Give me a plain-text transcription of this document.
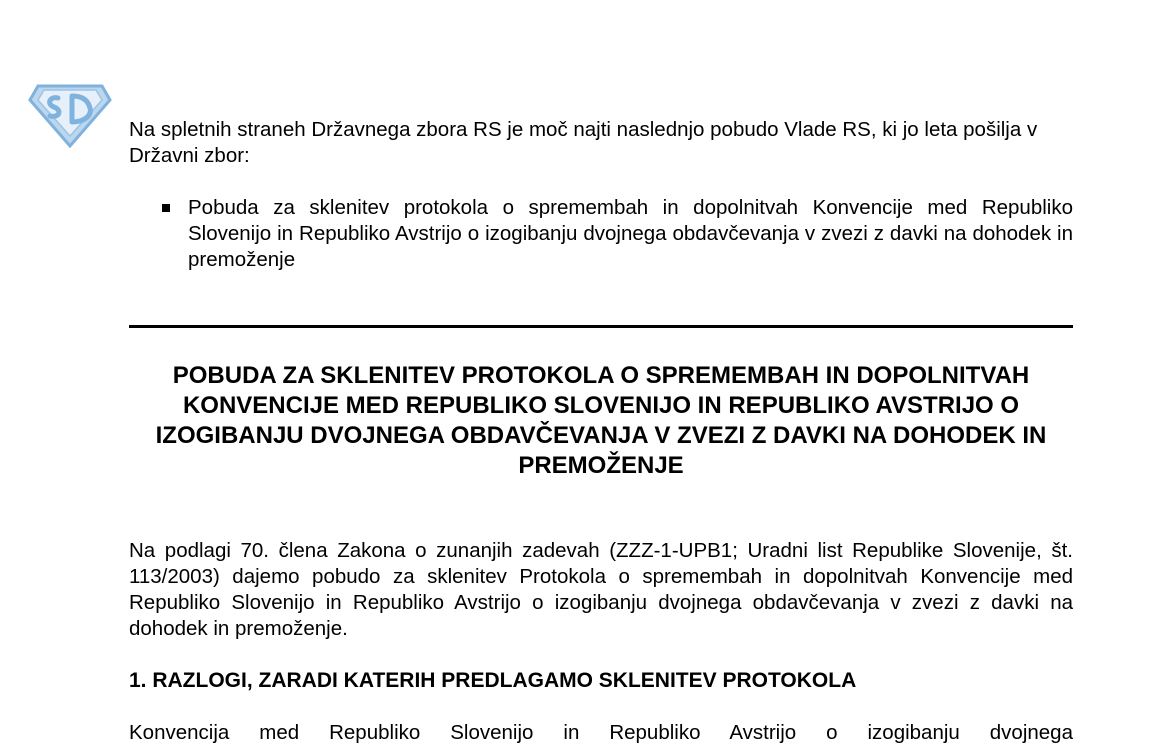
Na spletnih straneh Državnega zbora RS je moč najti naslednjo pobudo Vlade RS, ki jo leta pošilja v Državni zbor:
Pobuda za sklenitev protokola o spremembah in dopolnitvah Konvencije med Republiko Slovenijo in Republiko Avstrijo o izogibanju dvojnega obdavčevanja v zvezi z davki na dohodek in premoženje
POBUDA ZA SKLENITEV PROTOKOLA O SPREMEMBAH IN DOPOLNITVAH KONVENCIJE MED REPUBLIKO SLOVENIJO IN REPUBLIKO AVSTRIJO O IZOGIBANJU DVOJNEGA OBDAVČEVANJA V ZVEZI Z DAVKI NA DOHODEK IN PREMOŽENJE
Na podlagi 70. člena Zakona o zunanjih zadevah (ZZZ-1-UPB1; Uradni list Republike Slovenije, št. 113/2003) dajemo pobudo za sklenitev Protokola o spremembah in dopolnitvah Konvencije med Republiko Slovenijo in Republiko Avstrijo o izogibanju dvojnega obdavčevanja v zvezi z davki na dohodek in premoženje.
1. RAZLOGI, ZARADI KATERIH PREDLAGAMO SKLENITEV PROTOKOLA
Konvencija med Republiko Slovenijo in Republiko Avstrijo o izogibanju dvojnega
